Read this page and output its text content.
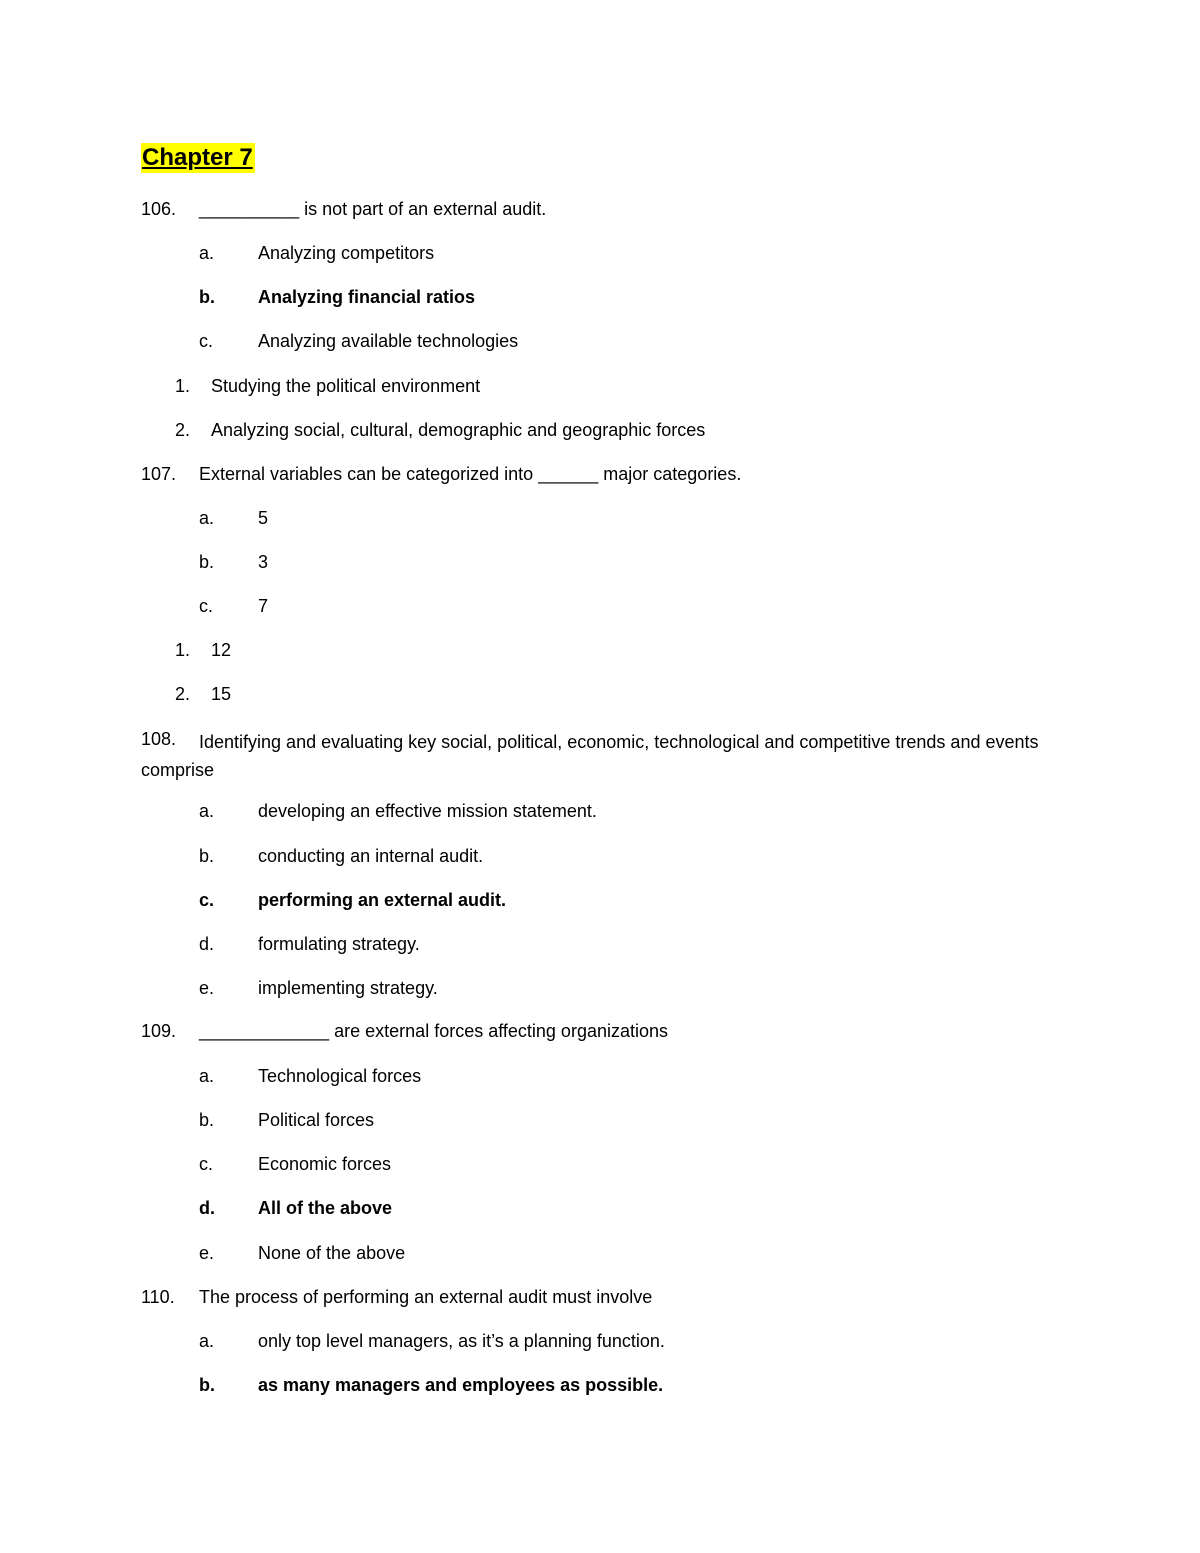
Chapter 7
106. __________ is not part of an external audit.
a. Analyzing competitors
b. Analyzing financial ratios
c. Analyzing available technologies
1. Studying the political environment
2. Analyzing social, cultural, demographic and geographic forces
107. External variables can be categorized into ______ major categories.
a. 5
b. 3
c. 7
1. 12
2. 15
108.	Identifying and evaluating key social, political, economic, technological and competitive trends and events comprise
a. developing an effective mission statement.
b. conducting an internal audit.
c. performing an external audit.
d. formulating strategy.
e. implementing strategy.
109. _____________ are external forces affecting organizations
a. Technological forces
b. Political forces
c. Economic forces
d. All of the above
e. None of the above
110. The process of performing an external audit must involve
a. only top level managers, as it’s a planning function.
b. as many managers and employees as possible.
